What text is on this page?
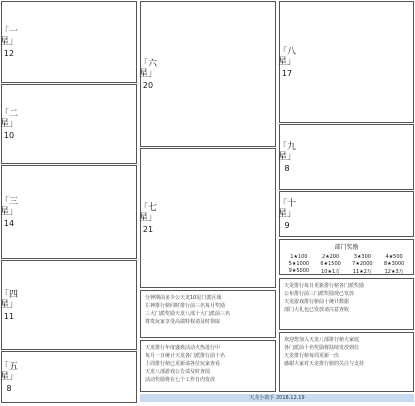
「一星」
12
「二星」
10
「三星」
14
「四星」
11
「五星」
8
「六星」
20
「七星」
21
「八星」
17
「九星」
8
「十星」
9
部门奖励
1★100	2★200	3★300	4★500
5★1000	6★1500	7★2000	8★3000
9★5000	10★1万	11★2万	12★3万
分神期前多少公天龙10星门派区域
左神排行榜同时排行前三名每月奖励
三大门派奖励天龙八部十大门派前三名
尊贵玩家享受高端特权请及时领取
天龙排行年度盛典活动火热进行中
每月一日统计天龙各门派排行前十名
上周排行榜已更新请各位玩家查看
天龙八部游戏公告请及时查阅
活动奖励将在七个工作日内发放
天龙排行每日更新排行榜各门派奖励
公布排行前三门派奖励现已发放
天龙游戏排行榜前十统计数据
部门大礼包已发放请注意查收
欢迎您加入天龙八部排行榜大家庭
各门派前十名奖励将陆续发放到位
天龙排行榜每周更新一次
感谢大家对天龙排行榜的关注与支持
天龙小助手 2018.12.19
